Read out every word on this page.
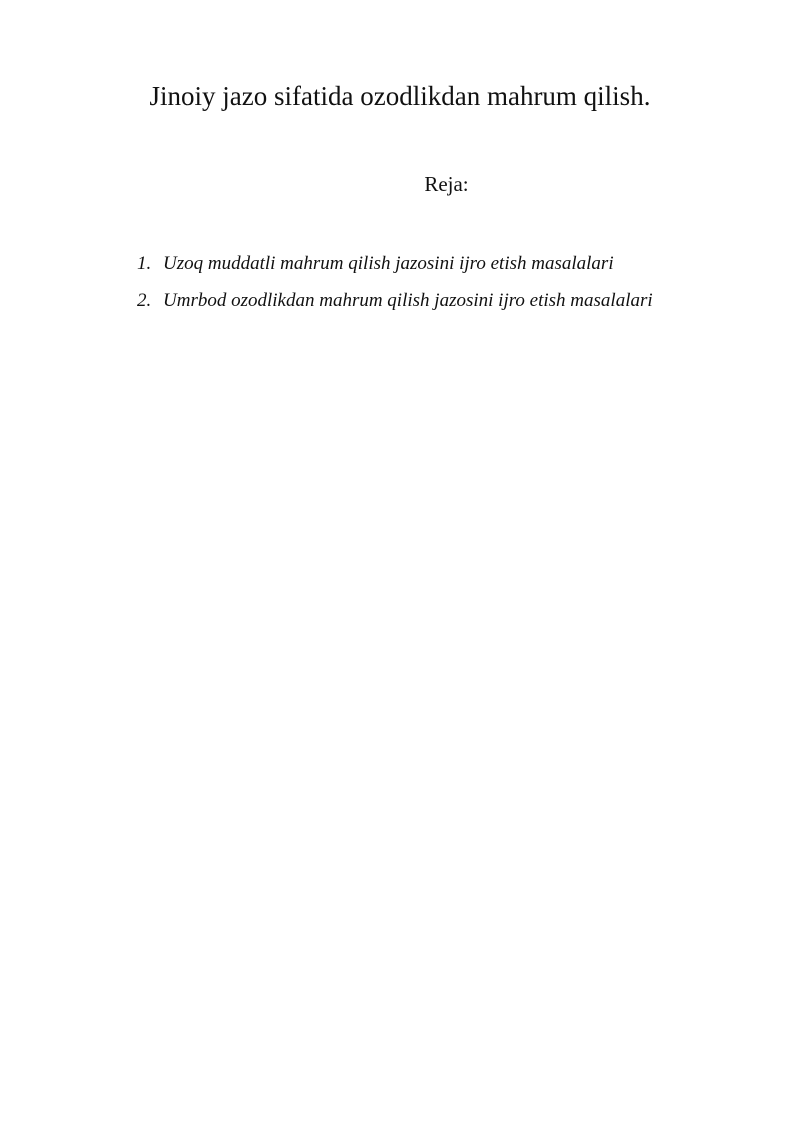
Jinoiy jazo sifatida ozodlikdan mahrum qilish.
Reja:
1. Uzoq muddatli mahrum qilish jazosini ijro etish masalalari
2. Umrbod ozodlikdan mahrum qilish jazosini ijro etish masalalari
